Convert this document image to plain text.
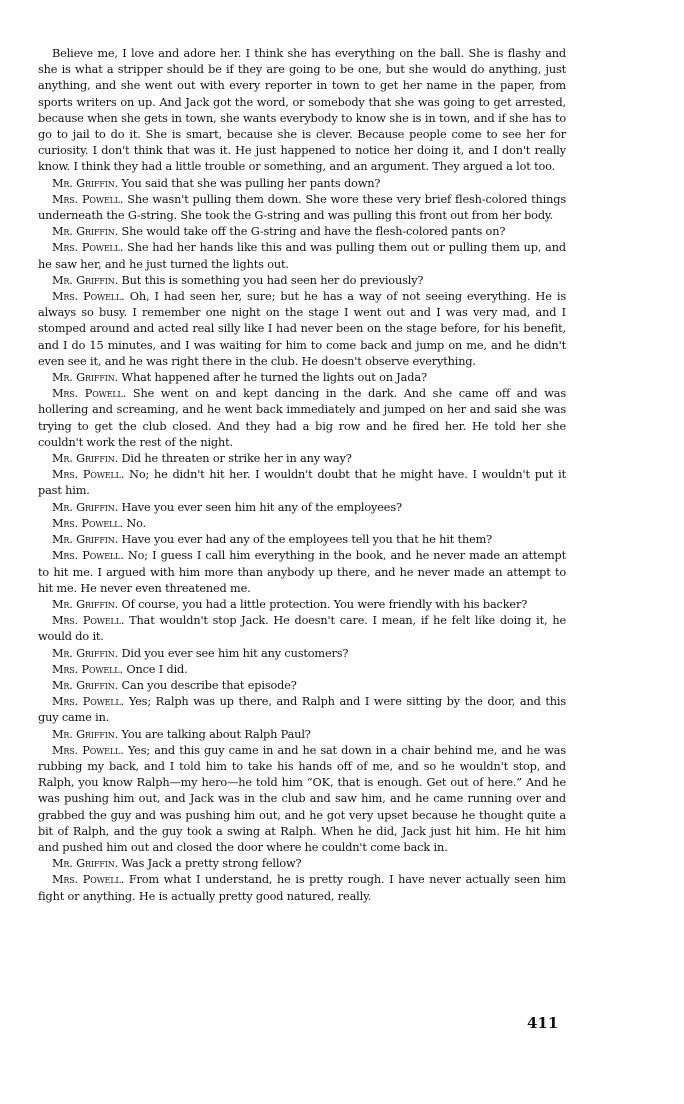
Believe me, I love and adore her. I think she has everything on the ball. She is flashy and she is what a stripper should be if they are going to be one, but she would do anything, just anything, and she went out with every reporter in town to get her name in the paper, from sports writers on up. And Jack got the word, or somebody that she was going to get arrested, because when she gets in town, she wants everybody to know she is in town, and if she has to go to jail to do it. She is smart, because she is clever. Because people come to see her for curiosity. I don't think that was it. He just happened to notice her doing it, and I don't really know. I think they had a little trouble or something, and an argument. They argued a lot too.

Mr. Griffin. You said that she was pulling her pants down?

Mrs. Powell. She wasn't pulling them down. She wore these very brief flesh-colored things underneath the G-string. She took the G-string and was pulling this front out from her body.

Mr. Griffin. She would take off the G-string and have the flesh-colored pants on?

Mrs. Powell. She had her hands like this and was pulling them out or pulling them up, and he saw her, and he just turned the lights out.

Mr. Griffin. But this is something you had seen her do previously?

Mrs. Powell. Oh, I had seen her, sure; but he has a way of not seeing everything. He is always so busy. I remember one night on the stage I went out and I was very mad, and I stomped around and acted real silly like I had never been on the stage before, for his benefit, and I do 15 minutes, and I was waiting for him to come back and jump on me, and he didn't even see it, and he was right there in the club. He doesn't observe everything.

Mr. Griffin. What happened after he turned the lights out on Jada?

Mrs. Powell. She went on and kept dancing in the dark. And she came off and was hollering and screaming, and he went back immediately and jumped on her and said she was trying to get the club closed. And they had a big row and he fired her. He told her she couldn't work the rest of the night.

Mr. Griffin. Did he threaten or strike her in any way?

Mrs. Powell. No; he didn't hit her. I wouldn't doubt that he might have. I wouldn't put it past him.

Mr. Griffin. Have you ever seen him hit any of the employees?

Mrs. Powell. No.

Mr. Griffin. Have you ever had any of the employees tell you that he hit them?

Mrs. Powell. No; I guess I call him everything in the book, and he never made an attempt to hit me. I argued with him more than anybody up there, and he never made an attempt to hit me. He never even threatened me.

Mr. Griffin. Of course, you had a little protection. You were friendly with his backer?

Mrs. Powell. That wouldn't stop Jack. He doesn't care. I mean, if he felt like doing it, he would do it.

Mr. Griffin. Did you ever see him hit any customers?

Mrs. Powell. Once I did.

Mr. Griffin. Can you describe that episode?

Mrs. Powell. Yes; Ralph was up there, and Ralph and I were sitting by the door, and this guy came in.

Mr. Griffin. You are talking about Ralph Paul?

Mrs. Powell. Yes; and this guy came in and he sat down in a chair behind me, and he was rubbing my back, and I told him to take his hands off of me, and so he wouldn't stop, and Ralph, you know Ralph—my hero—he told him “OK, that is enough. Get out of here.” And he was pushing him out, and Jack was in the club and saw him, and he came running over and grabbed the guy and was pushing him out, and he got very upset because he thought quite a bit of Ralph, and the guy took a swing at Ralph. When he did, Jack just hit him. He hit him and pushed him out and closed the door where he couldn't come back in.

Mr. Griffin. Was Jack a pretty strong fellow?

Mrs. Powell. From what I understand, he is pretty rough. I have never actually seen him fight or anything. He is actually pretty good natured, really.

411
